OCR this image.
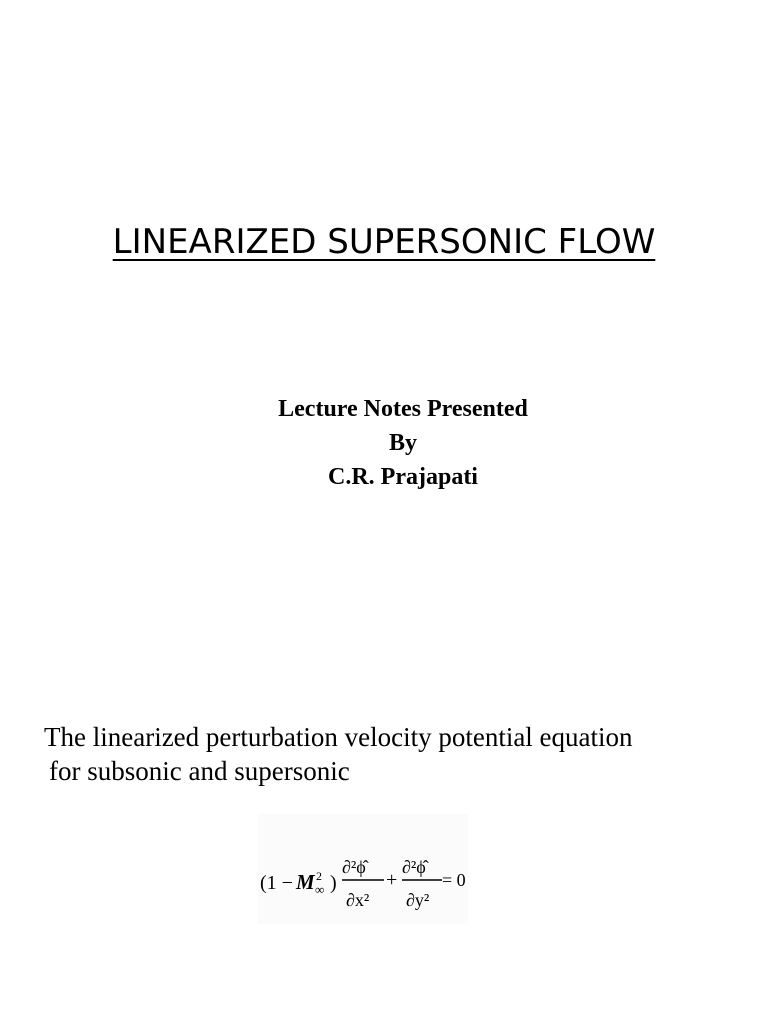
LINEARIZED SUPERSONIC FLOW
Lecture Notes Presented
By
C.R. Prajapati
The linearized perturbation velocity potential equation
for subsonic and supersonic
(1 − M 2
∞ )
∂²ϕ̂
∂x²
+
∂²ϕ̂
∂y²
= 0
